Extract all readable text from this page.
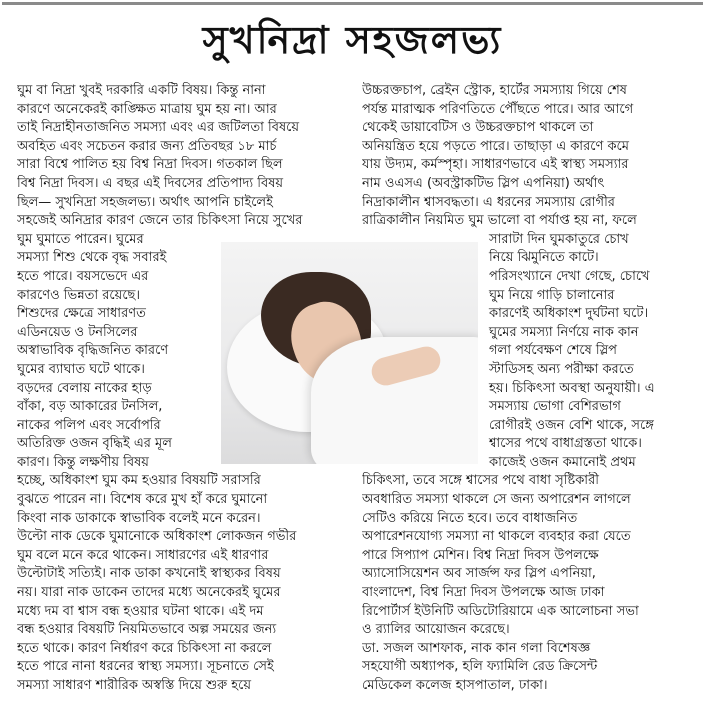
সুখনিদ্রা সহজলভ্য
ঘুম বা নিদ্রা খুবই দরকারি একটি বিষয়। কিন্তু নানা
কারণে অনেকেরই কাঙ্ক্ষিত মাত্রায় ঘুম হয় না। আর
তাই নিদ্রাহীনতাজনিত সমস্যা এবং এর জটিলতা বিষয়ে
অবহিত এবং সচেতন করার জন্য প্রতিবছর ১৮ মার্চ
সারা বিশ্বে পালিত হয় বিশ্ব নিদ্রা দিবস। গতকাল ছিল
বিশ্ব নিদ্রা দিবস। এ বছর এই দিবসের প্রতিপাদ্য বিষয়
ছিল— সুখনিদ্রা সহজলভ্য। অর্থাৎ আপনি চাইলেই
সহজেই অনিদ্রার কারণ জেনে তার চিকিৎসা নিয়ে সুখের
ঘুম ঘুমাতে পারেন। ঘুমের
সমস্যা শিশু থেকে বৃদ্ধ সবারই
হতে পারে। বয়সভেদে এর
কারণেও ভিন্নতা রয়েছে।
শিশুদের ক্ষেত্রে সাধারণত
এডিনয়েড ও টনসিলের
অস্বাভাবিক বৃদ্ধিজনিত কারণে
ঘুমের ব্যাঘাত ঘটে থাকে।
বড়দের বেলায় নাকের হাড়
বাঁকা, বড় আকারের টনসিল,
নাকের পলিপ এবং সর্বোপরি
অতিরিক্ত ওজন বৃদ্ধিই এর মূল
কারণ। কিন্তু লক্ষণীয় বিষয়
হচ্ছে, অধিকাংশ ঘুম কম হওয়ার বিষয়টি সরাসরি
বুঝতে পারেন না। বিশেষ করে মুখ হাঁ করে ঘুমানো
কিংবা নাক ডাকাকে স্বাভাবিক বলেই মনে করেন।
উল্টো নাক ডেকে ঘুমানোকে অধিকাংশ লোকজন গভীর
ঘুম বলে মনে করে থাকেন। সাধারণের এই ধারণার
উল্টোটাই সত্যিই। নাক ডাকা কখনোই স্বাস্থ্যকর বিষয়
নয়। যারা নাক ডাকেন তাদের মধ্যে অনেকেরই ঘুমের
মধ্যে দম বা শ্বাস বন্ধ হওয়ার ঘটনা থাকে। এই দম
বন্ধ হওয়ার বিষয়টি নিয়মিতভাবে অল্প সময়ের জন্য
হতে থাকে। কারণ নির্ধারণ করে চিকিৎসা না করলে
হতে পারে নানা ধরনের স্বাস্থ্য সমস্যা। সূচনাতে সেই
সমস্যা সাধারণ শারীরিক অস্বস্তি দিয়ে শুরু হয়ে
উচ্চরক্তচাপ, ব্রেইন স্ট্রোক, হার্টের সমস্যায় গিয়ে শেষ
পর্যন্ত মারাত্মক পরিণতিতে পৌঁছতে পারে। আর আগে
থেকেই ডায়াবেটিস ও উচ্চরক্তচাপ থাকলে তা
অনিয়ন্ত্রিত হয়ে পড়তে পারে। তাছাড়া এ কারণে কমে
যায় উদ্যম, কর্মস্পৃহা। সাধারণভাবে এই স্বাস্থ্য সমস্যার
নাম ওএসএ (অবস্ট্রাকটিভ স্লিপ এপনিয়া) অর্থাৎ
নিদ্রাকালীন শ্বাসবদ্ধতা। এ ধরনের সমস্যায় রোগীর
রাত্রিকালীন নিয়মিত ঘুম ভালো বা পর্যাপ্ত হয় না, ফলে
সারাটা দিন ঘুমকাতুরে চোখ
নিয়ে ঝিমুনিতে কাটে।
পরিসংখ্যানে দেখা গেছে, চোখে
ঘুম নিয়ে গাড়ি চালানোর
কারণেই অধিকাংশ দুর্ঘটনা ঘটে।
ঘুমের সমস্যা নির্ণয়ে নাক কান
গলা পর্যবেক্ষণ শেষে স্লিপ
স্টাডিসহ অন্য পরীক্ষা করতে
হয়। চিকিৎসা অবস্থা অনুযায়ী। এ
সমস্যায় ভোগা বেশিরভাগ
রোগীরই ওজন বেশি থাকে, সঙ্গে
শ্বাসের পথে বাধাগ্রস্ততা থাকে।
কাজেই ওজন কমানোই প্রথম
চিকিৎসা, তবে সঙ্গে শ্বাসের পথে বাধা সৃষ্টিকারী
অবধারিত সমস্যা থাকলে সে জন্য অপারেশন লাগলে
সেটিও করিয়ে নিতে হবে। তবে বাধাজনিত
অপারেশনযোগ্য সমস্যা না থাকলে ব্যবহার করা যেতে
পারে সিপ্যাপ মেশিন। বিশ্ব নিদ্রা দিবস উপলক্ষে
অ্যাসোসিয়েশন অব সার্জন্স ফর স্লিপ এপনিয়া,
বাংলাদেশ, বিশ্ব নিদ্রা দিবস উপলক্ষে আজ ঢাকা
রিপোর্টার্স ইউনিটি অডিটোরিয়ামে এক আলোচনা সভা
ও র‌্যালির আয়োজন করেছে।
ডা. সজল আশফাক, নাক কান গলা বিশেষজ্ঞ
সহযোগী অধ্যাপক, হলি ফ্যামিলি রেড ক্রিসেন্ট
মেডিকেল কলেজ হাসপাতাল, ঢাকা।
